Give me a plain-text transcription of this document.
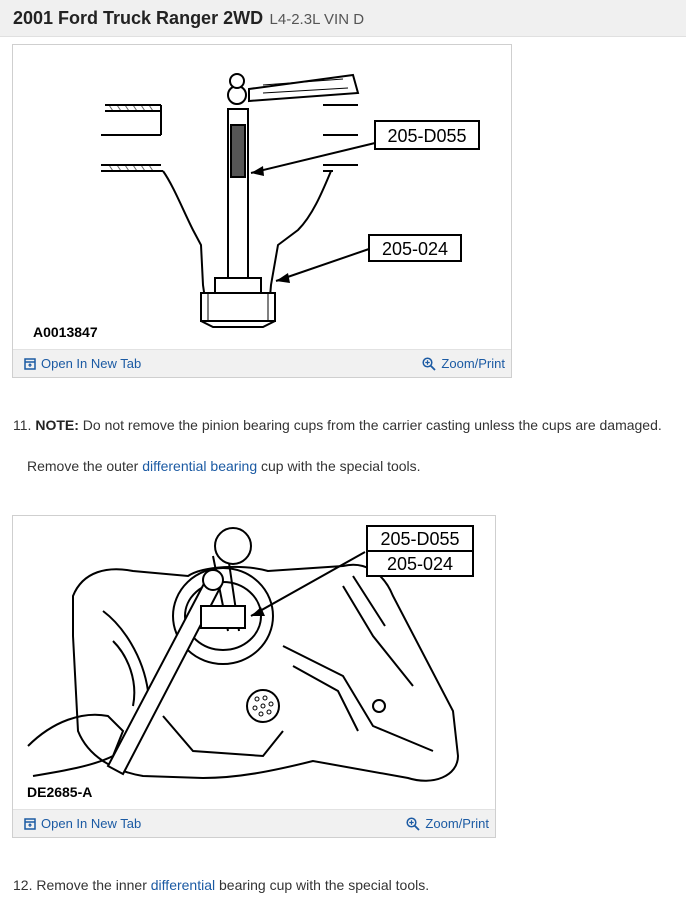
2001 Ford Truck Ranger 2WD L4-2.3L VIN D
205-D055
205-024
A0013847
Open In New Tab	Zoom/Print
11. NOTE: Do not remove the pinion bearing cups from the carrier casting unless the cups are damaged.
Remove the outer differential bearing cup with the special tools.
205-D055
205-024
DE2685-A
Open In New Tab	Zoom/Print
12. Remove the inner differential bearing cup with the special tools.
